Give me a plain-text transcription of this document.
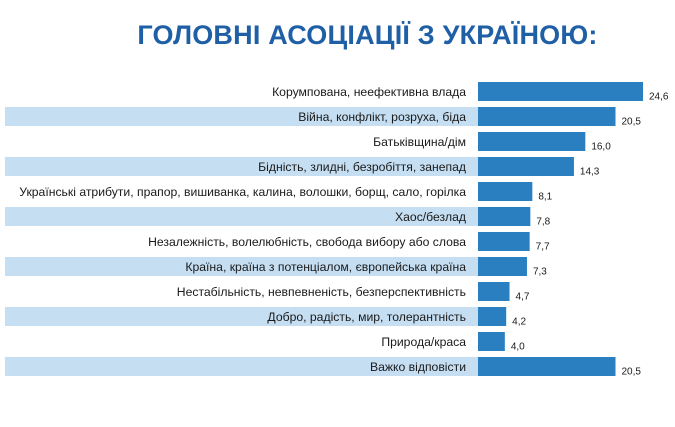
ГОЛОВНІ АСОЦІАЦІЇ З УКРАЇНОЮ:
Корумпована, неефективна влада	24,6
Війна, конфлікт, розруха, біда	20,5
Батьківщина/дім	16,0
Бідність, злидні, безробіття, занепад	14,3
Українські атрибути, прапор, вишиванка, калина, волошки, борщ, сало, горілка	8,1
Хаос/безлад	7,8
Незалежність, волелюбність, свобода вибору або слова	7,7
Країна, країна з потенціалом, європейська країна	7,3
Нестабільність, невпевненість, безперспективність	4,7
Добро, радість, мир, толерантність	4,2
Природа/краса	4,0
Важко відповісти	20,5
